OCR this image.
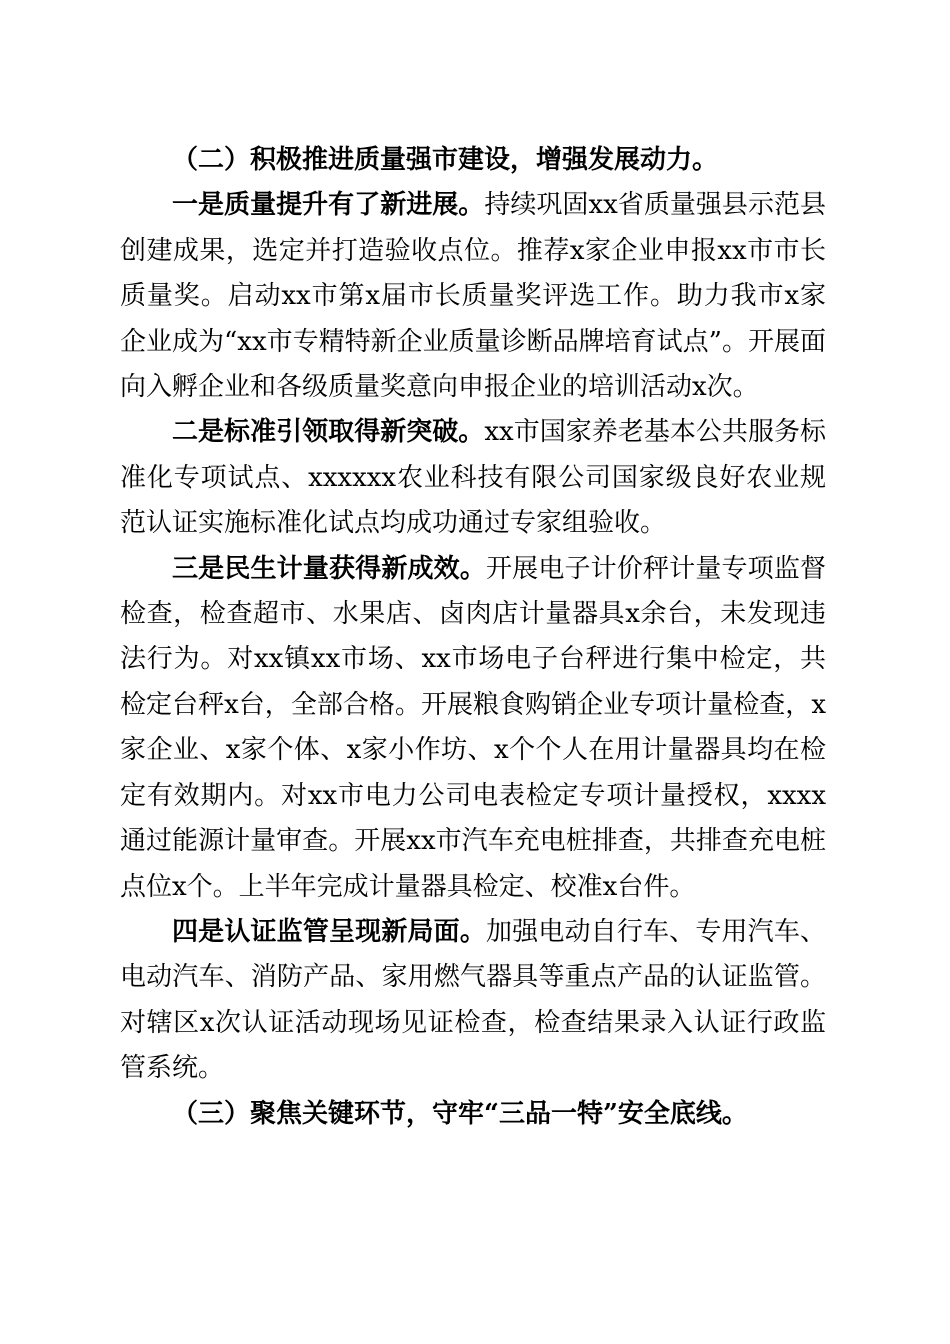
（二）积极推进质量强市建设，增强发展动力。

一是质量提升有了新进展。持续巩固xx省质量强县示范县创建成果，选定并打造验收点位。推荐x家企业申报xx市市长质量奖。启动xx市第x届市长质量奖评选工作。助力我市x家企业成为“xx市专精特新企业质量诊断品牌培育试点”。开展面向入孵企业和各级质量奖意向申报企业的培训活动x次。

二是标准引领取得新突破。xx市国家养老基本公共服务标准化专项试点、xxxxxx农业科技有限公司国家级良好农业规范认证实施标准化试点均成功通过专家组验收。

三是民生计量获得新成效。开展电子计价秤计量专项监督检查，检查超市、水果店、卤肉店计量器具x余台，未发现违法行为。对xx镇xx市场、xx市场电子台秤进行集中检定，共检定台秤x台，全部合格。开展粮食购销企业专项计量检查，x家企业、x家个体、x家小作坊、x个个人在用计量器具均在检定有效期内。对xx市电力公司电表检定专项计量授权，xxxx通过能源计量审查。开展xx市汽车充电桩排查，共排查充电桩点位x个。上半年完成计量器具检定、校准x台件。

四是认证监管呈现新局面。加强电动自行车、专用汽车、电动汽车、消防产品、家用燃气器具等重点产品的认证监管。对辖区x次认证活动现场见证检查，检查结果录入认证行政监管系统。

（三）聚焦关键环节，守牢“三品一特”安全底线。
